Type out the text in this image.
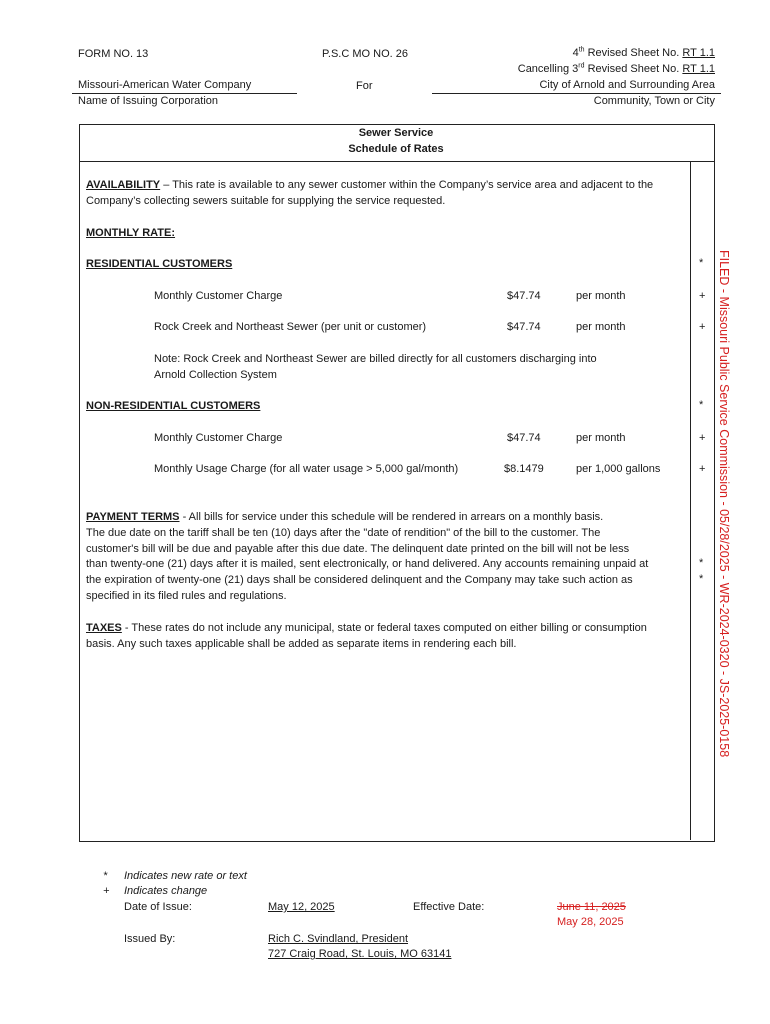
FORM NO. 13	P.S.C MO NO. 26	4th Revised Sheet No. RT 1.1
Cancelling 3rd Revised Sheet No. RT 1.1
Missouri-American Water Company
Name of Issuing Corporation
For	City of Arnold and Surrounding Area
Community, Town or City
Sewer Service
Schedule of Rates
AVAILABILITY – This rate is available to any sewer customer within the Company’s service area and adjacent to the
Company’s collecting sewers suitable for supplying the service requested.
MONTHLY RATE:
RESIDENTIAL CUSTOMERS	*
Monthly Customer Charge	$47.74	per month	+
Rock Creek and Northeast Sewer (per unit or customer)	$47.74	per month	+
Note: Rock Creek and Northeast Sewer are billed directly for all customers discharging into
Arnold Collection System
NON-RESIDENTIAL CUSTOMERS	*
Monthly Customer Charge	$47.74	per month	+
Monthly Usage Charge (for all water usage > 5,000 gal/month)	$8.1479	per 1,000 gallons	+
PAYMENT TERMS - All bills for service under this schedule will be rendered in arrears on a monthly basis.
The due date on the tariff shall be ten (10) days after the "date of rendition" of the bill to the customer. The
customer's bill will be due and payable after this due date. The delinquent date printed on the bill will not be less
than twenty-one (21) days after it is mailed, sent electronically, or hand delivered. Any accounts remaining unpaid at
the expiration of twenty-one (21) days shall be considered delinquent and the Company may take such action as
specified in its filed rules and regulations.
*
*
TAXES - These rates do not include any municipal, state or federal taxes computed on either billing or consumption
basis. Any such taxes applicable shall be added as separate items in rendering each bill.	FILED - Missouri Public Service Commission - 05/28/2025 - WR-2024-0320 - JS-2025-0158
* Indicates new rate or text
+ Indicates change
Date of Issue:	May 12, 2025	Effective Date:	June 11, 2025
May 28, 2025
Issued By:	Rich C. Svindland, President
727 Craig Road, St. Louis, MO 63141
